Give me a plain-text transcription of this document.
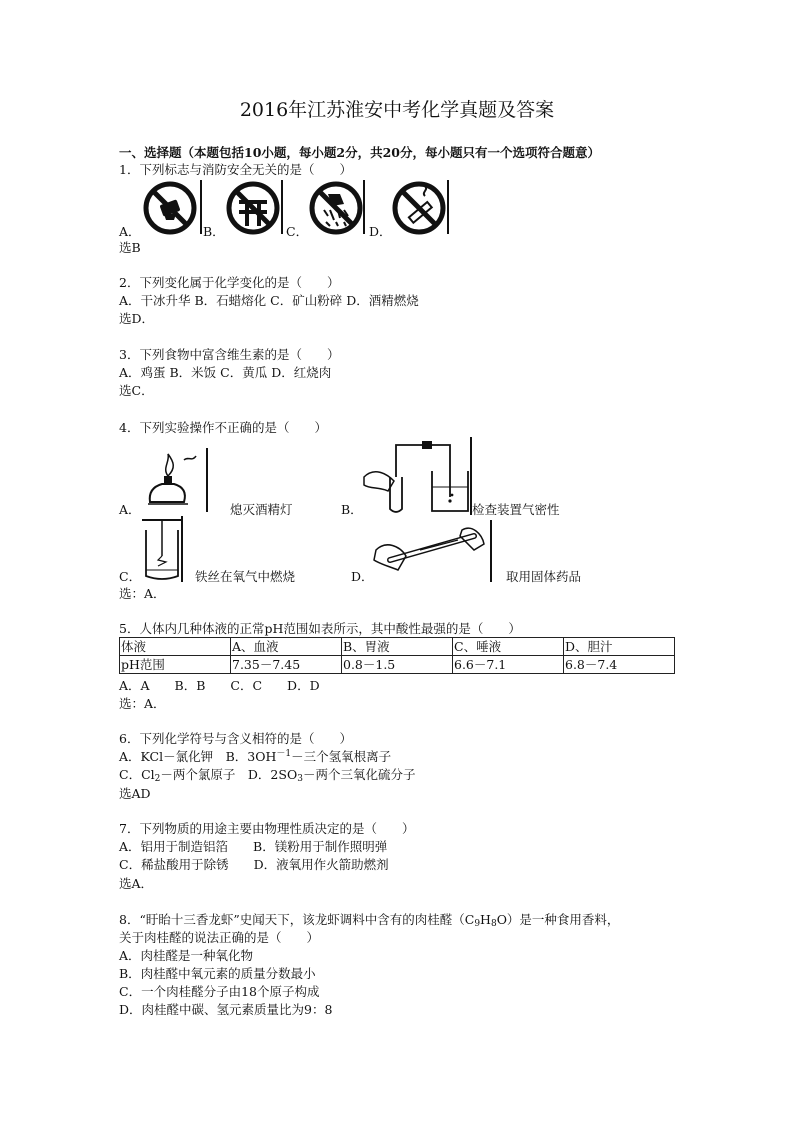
2016年江苏淮安中考化学真题及答案
一、选择题（本题包括10小题，每小题2分，共20分，每小题只有一个选项符合题意）
1．下列标志与消防安全无关的是（　　）
A．	B．	C．	D．
选B
2．下列变化属于化学变化的是（　　）
A．干冰升华 B．石蜡熔化 C．矿山粉碎 D．酒精燃烧
选D．
3．下列食物中富含维生素的是（　　）
A．鸡蛋 B．米饭 C．黄瓜 D．红烧肉
选C．
4．下列实验操作不正确的是（　　）
A．	熄灭酒精灯	B．	检查装置气密性
C．	铁丝在氧气中燃烧	D．	取用固体药品
选：A．
5．人体内几种体液的正常pH范围如表所示，其中酸性最强的是（　　）
体液	A、血液	B、胃液	C、唾液	D、胆汁
pH范围	7.35－7.45	0.8－1.5	6.6－7.1	6.8－7.4
A．A　　B．B　　C．C　　D．D
选：A．
6．下列化学符号与含义相符的是（　　）
A．KCl－氯化钾　 B．$3OH^{-1}-$三个氢氧根离子
C．$Cl_2-$两个氯原子　 D．$2SO_3-$两个三氧化硫分子
选AD
7．下列物质的用途主要由物理性质决定的是（　　）
A．铝用于制造铝箔　　B．镁粉用于制作照明弹
C．稀盐酸用于除锈　　D．液氧用作火箭助燃剂
选A．
8．“盱眙十三香龙虾”史闻天下，该龙虾调料中含有的肉桂醛$(C_9H_8O)$是一种食用香料，
关于肉桂醛的说法正确的是（　　）
A．肉桂醛是一种氧化物
B．肉桂醛中氧元素的质量分数最小
C．一个肉桂醛分子由18个原子构成
D．肉桂醛中碳、氢元素质量比为9：8
